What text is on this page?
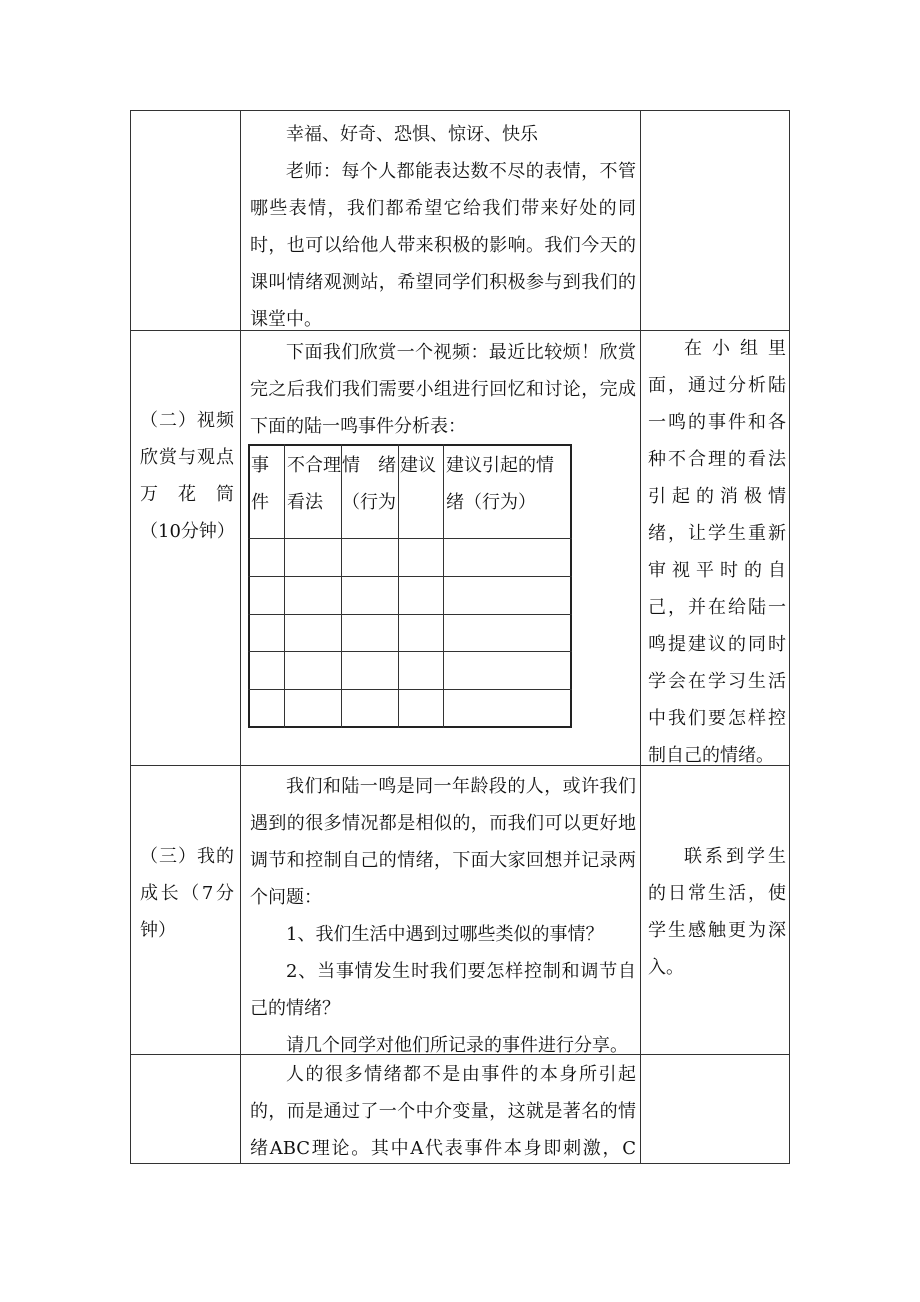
幸福、好奇、恐惧、惊讶、快乐

老师：每个人都能表达数不尽的表情，不管哪些表情，我们都希望它给我们带来好处的同时，也可以给他人带来积极的影响。我们今天的课叫情绪观测站，希望同学们积极参与到我们的课堂中。

（二）视频欣赏与观点万花筒（10分钟）

下面我们欣赏一个视频：最近比较烦！欣赏完之后我们我们需要小组进行回忆和讨论，完成下面的陆一鸣事件分析表：

在小组里面，通过分析陆一鸣的事件和各种不合理的看法引起的消极情绪，让学生重新审视平时的自己，并在给陆一鸣提建议的同时学会在学习生活中我们要怎样控制自己的情绪。
事件
不合理看法
情　绪（行为
建议 建议引起的情绪（行为）
（三）我的成长（7分钟）

我们和陆一鸣是同一年龄段的人，或许我们遇到的很多情况都是相似的，而我们可以更好地调节和控制自己的情绪，下面大家回想并记录两个问题：

1、我们生活中遇到过哪些类似的事情？

2、当事情发生时我们要怎样控制和调节自己的情绪？

请几个同学对他们所记录的事件进行分享。

联系到学生的日常生活，使学生感触更为深入。

人的很多情绪都不是由事件的本身所引起的，而是通过了一个中介变量，这就是著名的情绪ABC理论。其中A代表事件本身即刺激，C
